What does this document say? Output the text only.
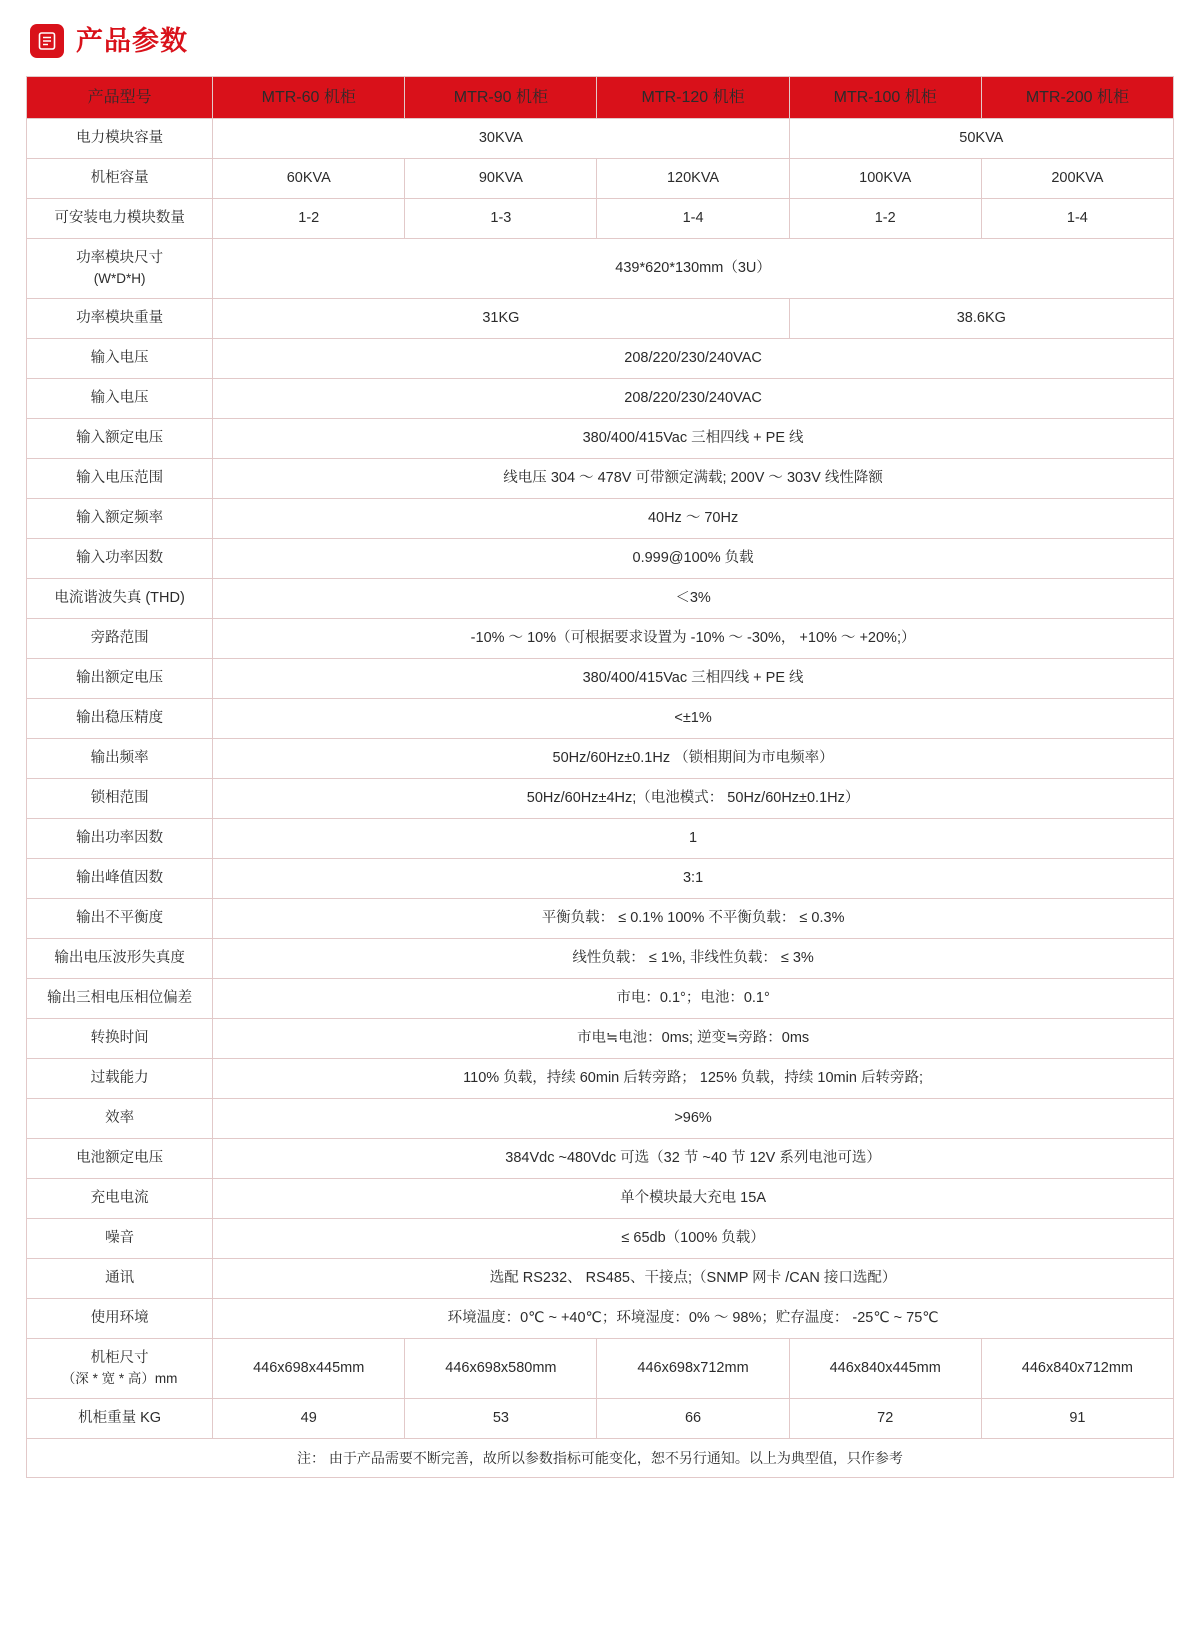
产品参数
产品型号	MTR-60 机柜	MTR-90 机柜	MTR-120 机柜	MTR-100 机柜	MTR-200 机柜
电力模块容量	30KVA			50KVA	
机柜容量	60KVA	90KVA	120KVA	100KVA	200KVA
可安装电力模块数量	1-2	1-3	1-4	1-2	1-4
功率模块尺寸
(W*D*H)	439*620*130mm（3U）				
功率模块重量	31KG			38.6KG	
输入电压	208/220/230/240VAC				
输入电压	208/220/230/240VAC				
输入额定电压	380/400/415Vac 三相四线 + PE 线				
输入电压范围	线电压 304 ～ 478V 可带额定满载; 200V ～ 303V 线性降额				
输入额定频率	40Hz ～ 70Hz				
输入功率因数	0.999@100% 负载				
电流谐波失真 (THD)	＜3%				
旁路范围	-10% ～ 10%（可根据要求设置为 -10% ～ -30%， +10% ～ +20%;）				
输出额定电压	380/400/415Vac 三相四线 + PE 线				
输出稳压精度	<±1%				
输出频率	50Hz/60Hz±0.1Hz （锁相期间为市电频率）				
锁相范围	50Hz/60Hz±4Hz;（电池模式： 50Hz/60Hz±0.1Hz）				
输出功率因数	1				
输出峰值因数	3:1				
输出不平衡度	平衡负载： ≤ 0.1% 100% 不平衡负载： ≤ 0.3%				
输出电压波形失真度	线性负载： ≤ 1%, 非线性负载： ≤ 3%				
输出三相电压相位偏差	市电：0.1°；电池：0.1°				
转换时间	市电≒电池：0ms; 逆变≒旁路：0ms				
过载能力	110% 负载，持续 60min 后转旁路； 125% 负载，持续 10min 后转旁路;				
效率	>96%				
电池额定电压	384Vdc ~480Vdc 可选（32 节 ~40 节 12V 系列电池可选）				
充电电流	单个模块最大充电 15A				
噪音	≤ 65db（100% 负载）				
通讯	选配 RS232、 RS485、干接点;（SNMP 网卡 /CAN 接口选配）				
使用环境	环境温度：0℃ ~ +40℃；环境湿度：0% ～ 98%；贮存温度： -25℃ ~ 75℃				
机柜尺寸
（深 * 宽 * 高）mm	446x698x445mm	446x698x580mm	446x698x712mm	446x840x445mm	446x840x712mm
机柜重量 KG	49	53	66	72	91
注： 由于产品需要不断完善，故所以参数指标可能变化，恕不另行通知。以上为典型值，只作参考					
